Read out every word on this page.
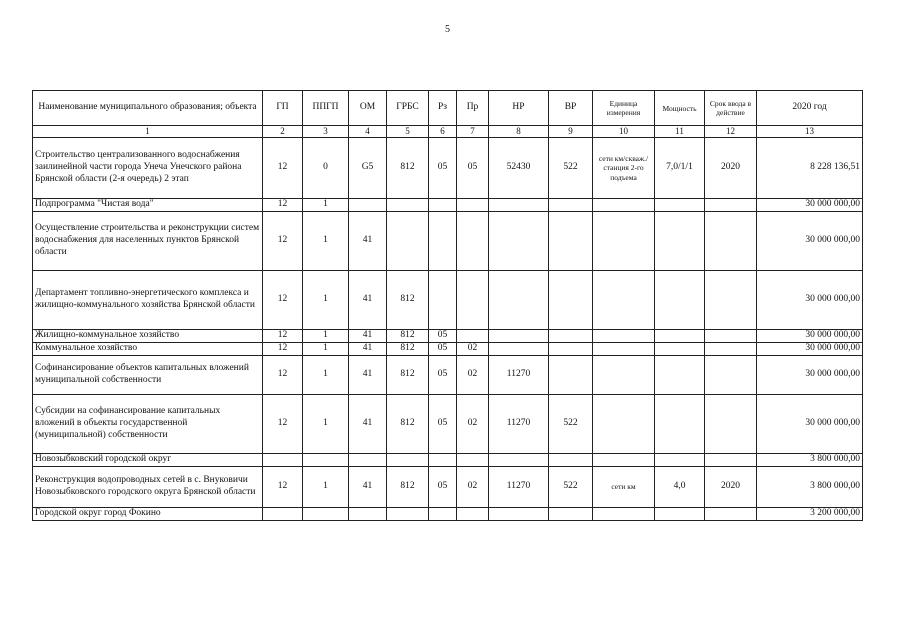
5
Наименование муниципального образования; объекта	ГП	ППГП	ОМ	ГРБС	Рз	Пр	НР	ВР	Единица измерения	Мощность	Срок ввода в действие	2020 год
1	2	3	4	5	6	7	8	9	10	11	12	13
Строительство централизованного водоснабжения заилинейной части города Унеча Унечского района Брянской области (2-я очередь) 2 этап	12	0	G5	812	05	05	52430	522	сети км/скваж./станция 2-го подъема	7,0/1/1	2020	8 228 136,51
Подпрограмма "Чистая вода"	12	1										30 000 000,00
Осуществление строительства и реконструкции систем водоснабжения для населенных пунктов Брянской области	12	1	41									30 000 000,00
Департамент топливно-энергетического комплекса и жилищно-коммунального хозяйства Брянской области	12	1	41	812								30 000 000,00
Жилищно-коммунальное хозяйство	12	1	41	812	05							30 000 000,00
Коммунальное хозяйство	12	1	41	812	05	02						30 000 000,00
Софинансирование объектов капитальных вложений муниципальной собственности	12	1	41	812	05	02	11270					30 000 000,00
Субсидии на софинансирование капитальных вложений в объекты государственной (муниципальной) собственности	12	1	41	812	05	02	11270	522				30 000 000,00
Новозыбковский городской округ												3 800 000,00
Реконструкция водопроводных сетей в с. Внуковичи Новозыбковского городского округа Брянской области	12	1	41	812	05	02	11270	522	сети км	4,0	2020	3 800 000,00
Городской округ город Фокино												3 200 000,00
